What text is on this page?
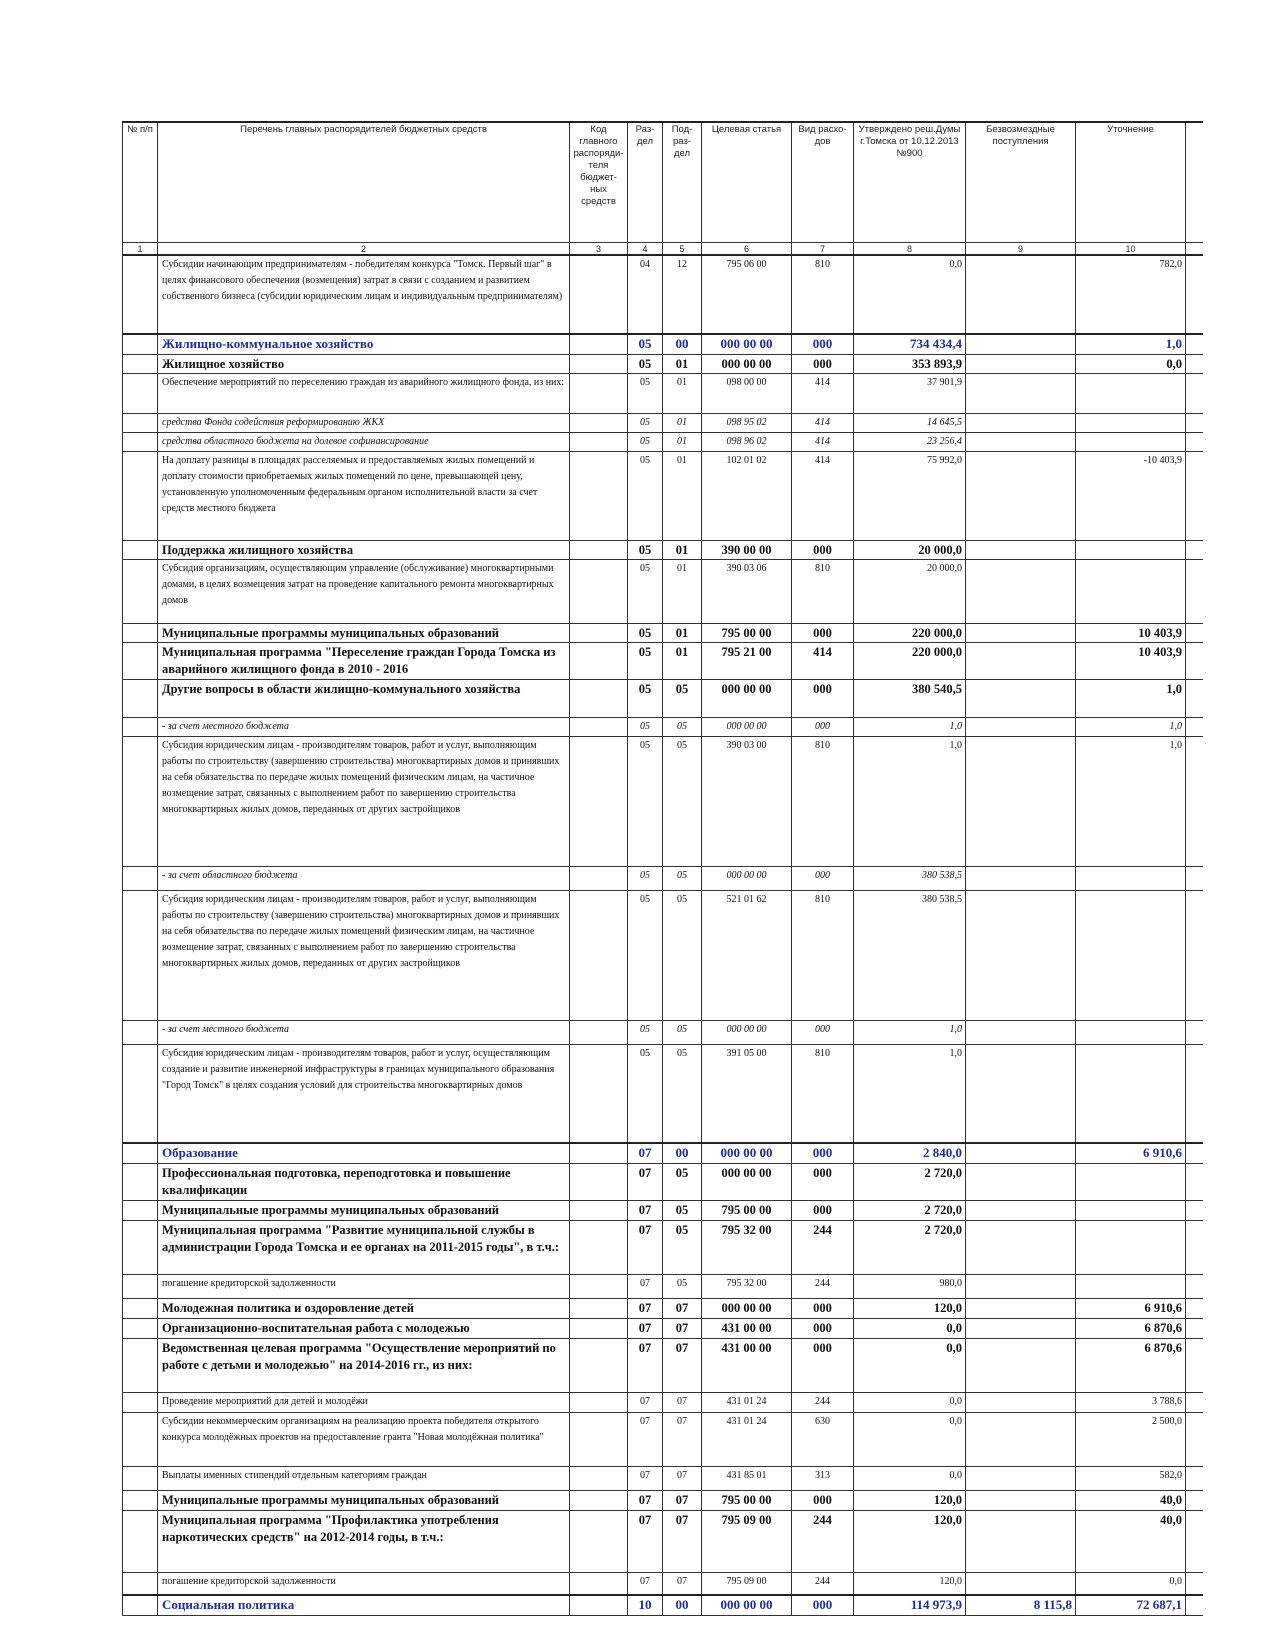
№ п/п	Перечень главных распорядителей бюджетных средств	Код главного распоряди-теля бюджет-ных средств	Раз-дел	Под-раз-дел	Целевая статья	Вид расхо-дов	Утверждено реш.Думы г.Томска от 10.12.2013 №900	Безвозмездные поступления	Уточнение	
1	2	3	4	5	6	7	8	9	10	
	Субсидии начинающим предпринимателям - победителям конкурса "Томск. Первый шаг" в целях финансового обеспечения (возмещения) затрат в связи с созданием и развитием собственного бизнеса (субсидии юридическим лицам и индивидуальным предпринимателям)		04	12	795 06 00	810	0,0		782,0	
	Жилищно-коммунальное хозяйство		05	00	000 00 00	000	734 434,4		1,0	
	Жилищное хозяйство		05	01	000 00 00	000	353 893,9		0,0	
	Обеспечение мероприятий по переселению граждан из аварийного жилищного фонда, из них:		05	01	098 00 00	414	37 901,9			
	средства Фонда содействия реформированию ЖКХ		05	01	098 95 02	414	14 645,5			
	средства областного бюджета на долевое софинансирование		05	01	098 96 02	414	23 256,4			
	На доплату разницы в площадях расселяемых и предоставляемых жилых помещений и доплату стоимости приобретаемых жилых помещений по цене, превышающей цену, установленную уполномоченным федеральным органом исполнительной власти за счет средств местного бюджета		05	01	102 01 02	414	75 992,0		-10 403,9	
	Поддержка жилищного хозяйства		05	01	390 00 00	000	20 000,0			
	Субсидия организациям, осуществляющим управление (обслуживание) многоквартирными домами, в целях возмещения затрат на проведение капитального ремонта многоквартирных домов		05	01	390 03 06	810	20 000,0			
	Муниципальные программы муниципальных образований		05	01	795 00 00	000	220 000,0		10 403,9	
	Муниципальная программа "Переселение граждан Города Томска из аварийного жилищного фонда в 2010 - 2016		05	01	795 21 00	414	220 000,0		10 403,9	
	Другие вопросы в области жилищно-коммунального хозяйства		05	05	000 00 00	000	380 540,5		1,0	
	- за счет местного бюджета		05	05	000 00 00	000	1,0		1,0	
	Субсидия юридическим лицам - производителям товаров, работ и услуг, выполняющим работы по строительству (завершению строительства) многоквартирных домов и принявших на себя обязательства по передаче жилых помещений физическим лицам, на частичное возмещение затрат, связанных с выполнением работ по завершению строительства многоквартирных жилых домов, переданных от других застройщиков		05	05	390 03 00	810	1,0		1,0	
	- за счет областного бюджета		05	05	000 00 00	000	380 538,5			
	Субсидия юридическим лицам - производителям товаров, работ и услуг, выполняющим работы по строительству (завершению строительства) многоквартирных домов и принявших на себя обязательства по передаче жилых помещений физическим лицам, на частичное возмещение затрат, связанных с выполнением работ по завершению строительства многоквартирных жилых домов, переданных от других застройщиков		05	05	521 01 62	810	380 538,5			
	- за счет местного бюджета		05	05	000 00 00	000	1,0			
	Субсидия юридическим лицам - производителям товаров, работ и услуг, осуществляющим создание и развитие инженерной инфраструктуры в границах муниципального образования "Город Томск" в целях создания условий для строительства многоквартирных домов		05	05	391 05 00	810	1,0			
	Образование		07	00	000 00 00	000	2 840,0		6 910,6	
	Профессиональная подготовка, переподготовка и повышение квалификации		07	05	000 00 00	000	2 720,0			
	Муниципальные программы муниципальных образований		07	05	795 00 00	000	2 720,0			
	Муниципальная программа "Развитие муниципальной службы в администрации Города Томска и ее органах на 2011-2015 годы", в т.ч.:		07	05	795 32 00	244	2 720,0			
	погашение кредиторской задолженности		07	05	795 32 00	244	980,0			
	Молодежная политика и оздоровление детей		07	07	000 00 00	000	120,0		6 910,6	
	Организационно-воспитательная работа с молодежью		07	07	431 00 00	000	0,0		6 870,6	
	Ведомственная целевая программа "Осуществление мероприятий по работе с детьми и молодежью" на 2014-2016 гг., из них:		07	07	431 00 00	000	0,0		6 870,6	
	Проведение мероприятий для детей и молодёжи		07	07	431 01 24	244	0,0		3 788,6	
	Субсидии некоммерческим организациям на реализацию проекта победителя открытого конкурса молодёжных проектов на предоставление гранта "Новая молодёжная политика"		07	07	431 01 24	630	0,0		2 500,0	
	Выплаты именных стипендий отдельным категориям граждан		07	07	431 85 01	313	0,0		582,0	
	Муниципальные программы муниципальных образований		07	07	795 00 00	000	120,0		40,0	
	Муниципальная программа "Профилактика употребления наркотических средств" на 2012-2014 годы, в т.ч.:		07	07	795 09 00	244	120,0		40,0	
	погашение кредиторской задолженности		07	07	795 09 00	244	120,0		0,0	
	Социальная политика		10	00	000 00 00	000	114 973,9	8 115,8	72 687,1	
